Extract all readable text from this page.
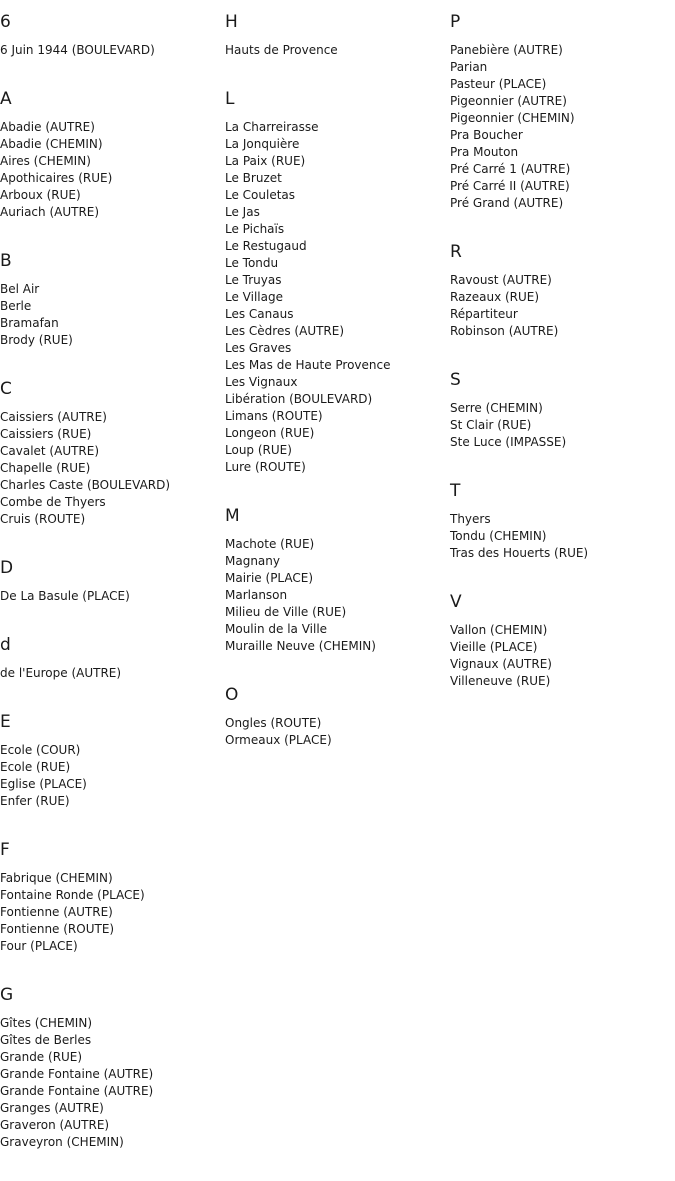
6
6 Juin 1944 (BOULEVARD)
A
Abadie (AUTRE)
Abadie (CHEMIN)
Aires (CHEMIN)
Apothicaires (RUE)
Arboux (RUE)
Auriach (AUTRE)
B
Bel Air
Berle
Bramafan
Brody (RUE)
C
Caissiers (AUTRE)
Caissiers (RUE)
Cavalet (AUTRE)
Chapelle (RUE)
Charles Caste (BOULEVARD)
Combe de Thyers
Cruis (ROUTE)
D
De La Basule (PLACE)
d
de l'Europe (AUTRE)
E
Ecole (COUR)
Ecole (RUE)
Eglise (PLACE)
Enfer (RUE)
F
Fabrique (CHEMIN)
Fontaine Ronde (PLACE)
Fontienne (AUTRE)
Fontienne (ROUTE)
Four (PLACE)
G
Gîtes (CHEMIN)
Gîtes de Berles
Grande (RUE)
Grande Fontaine (AUTRE)
Grande Fontaine (AUTRE)
Granges (AUTRE)
Graveron (AUTRE)
Graveyron (CHEMIN)
H
Hauts de Provence
L
La Charreirasse
La Jonquière
La Paix (RUE)
Le Bruzet
Le Couletas
Le Jas
Le Pichaïs
Le Restugaud
Le Tondu
Le Truyas
Le Village
Les Canaus
Les Cèdres (AUTRE)
Les Graves
Les Mas de Haute Provence
Les Vignaux
Libération (BOULEVARD)
Limans (ROUTE)
Longeon (RUE)
Loup (RUE)
Lure (ROUTE)
M
Machote (RUE)
Magnany
Mairie (PLACE)
Marlanson
Milieu de Ville (RUE)
Moulin de la Ville
Muraille Neuve (CHEMIN)
O
Ongles (ROUTE)
Ormeaux (PLACE)
P
Panebière (AUTRE)
Parian
Pasteur (PLACE)
Pigeonnier (AUTRE)
Pigeonnier (CHEMIN)
Pra Boucher
Pra Mouton
Pré Carré 1 (AUTRE)
Pré Carré II (AUTRE)
Pré Grand (AUTRE)
R
Ravoust (AUTRE)
Razeaux (RUE)
Répartiteur
Robinson (AUTRE)
S
Serre (CHEMIN)
St Clair (RUE)
Ste Luce (IMPASSE)
T
Thyers
Tondu (CHEMIN)
Tras des Houerts (RUE)
V
Vallon (CHEMIN)
Vieille (PLACE)
Vignaux (AUTRE)
Villeneuve (RUE)
